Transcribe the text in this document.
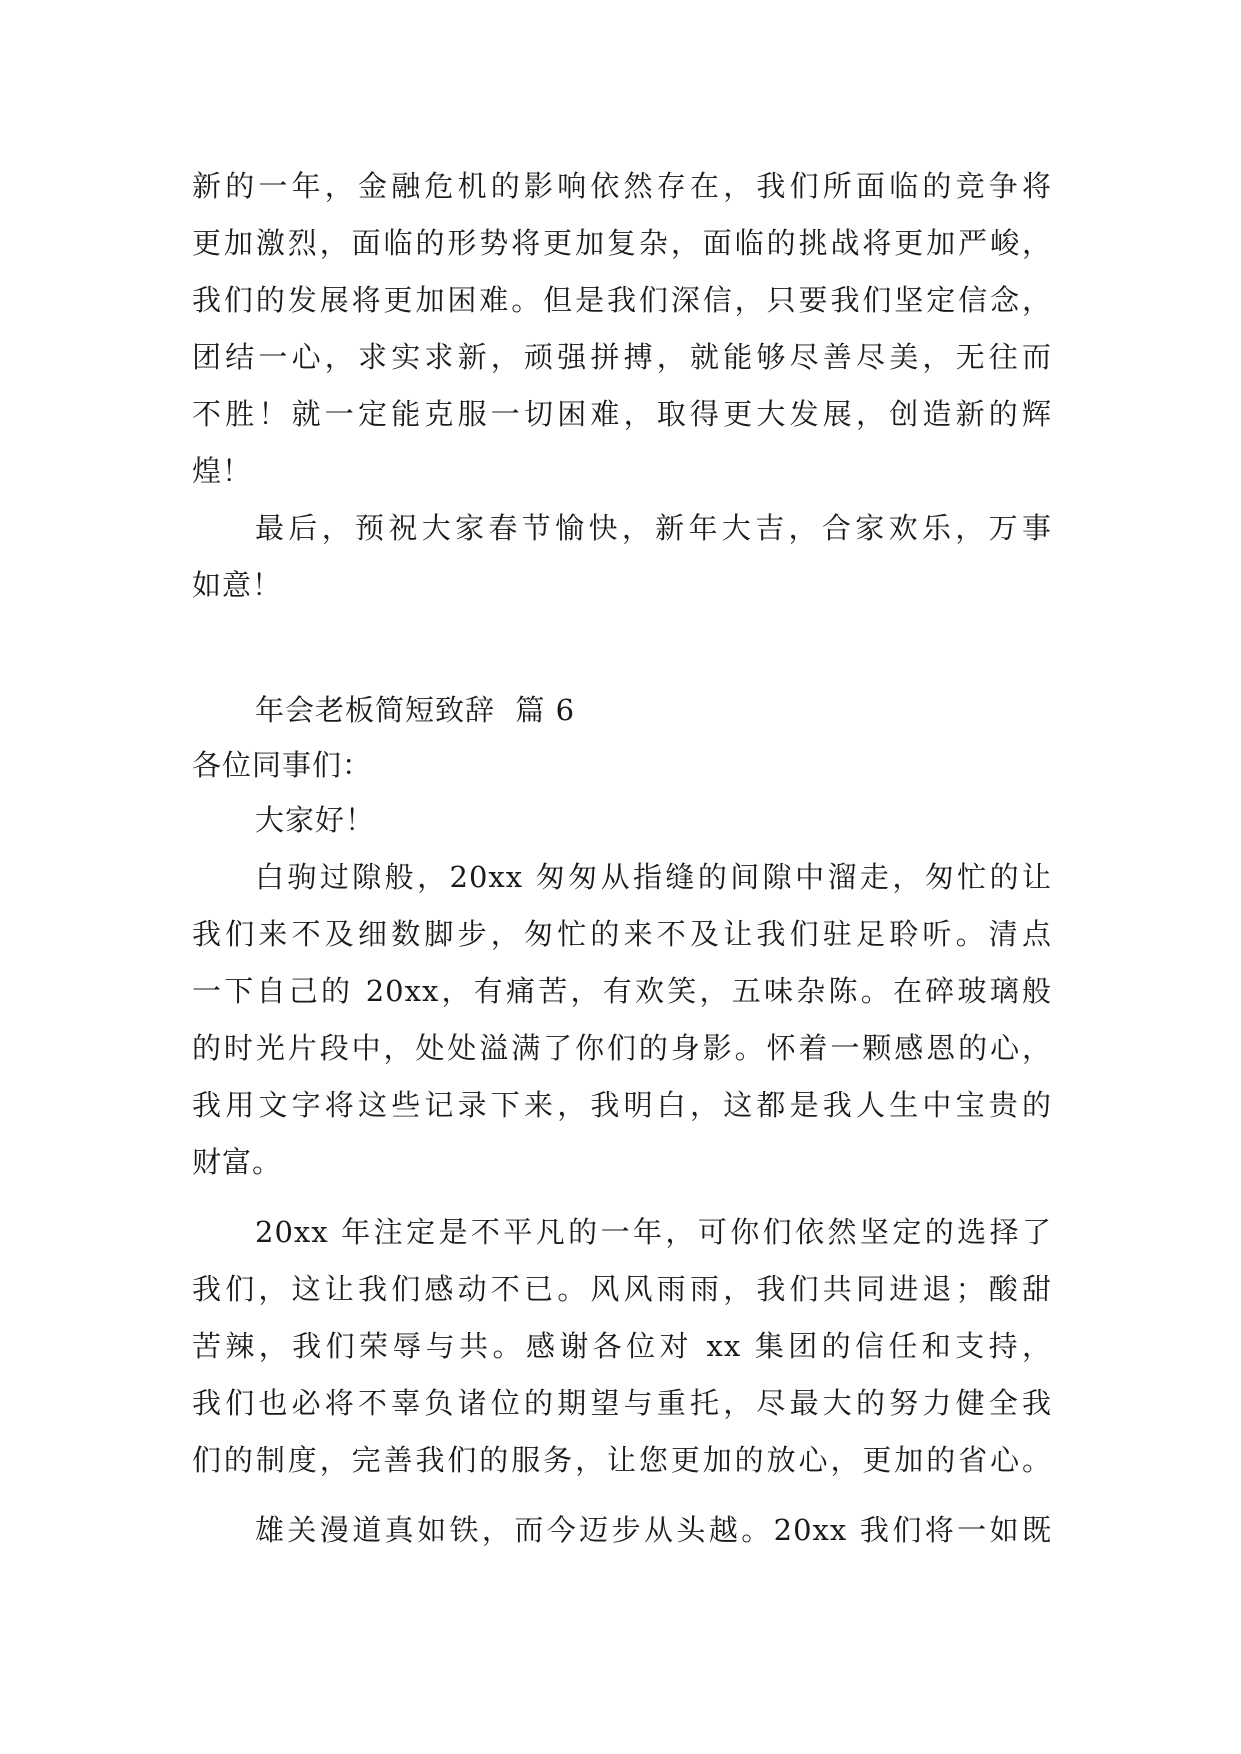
新的一年，金融危机的影响依然存在，我们所面临的竞争将
更加激烈，面临的形势将更加复杂，面临的挑战将更加严峻，
我们的发展将更加困难。但是我们深信，只要我们坚定信念，
团结一心，求实求新，顽强拼搏，就能够尽善尽美，无往而
不胜！就一定能克服一切困难，取得更大发展，创造新的辉
煌！
最后，预祝大家春节愉快，新年大吉，合家欢乐，万事
如意！
年会老板简短致辞  篇 6
各位同事们：
大家好！
白驹过隙般，20xx 匆匆从指缝的间隙中溜走，匆忙的让
我们来不及细数脚步，匆忙的来不及让我们驻足聆听。清点
一下自己的 20xx，有痛苦，有欢笑，五味杂陈。在碎玻璃般
的时光片段中，处处溢满了你们的身影。怀着一颗感恩的心，
我用文字将这些记录下来，我明白，这都是我人生中宝贵的
财富。
20xx 年注定是不平凡的一年，可你们依然坚定的选择了
我们，这让我们感动不已。风风雨雨，我们共同进退；酸甜
苦辣，我们荣辱与共。感谢各位对 xx 集团的信任和支持，
我们也必将不辜负诸位的期望与重托，尽最大的努力健全我
们的制度，完善我们的服务，让您更加的放心，更加的省心。
雄关漫道真如铁，而今迈步从头越。20xx 我们将一如既
